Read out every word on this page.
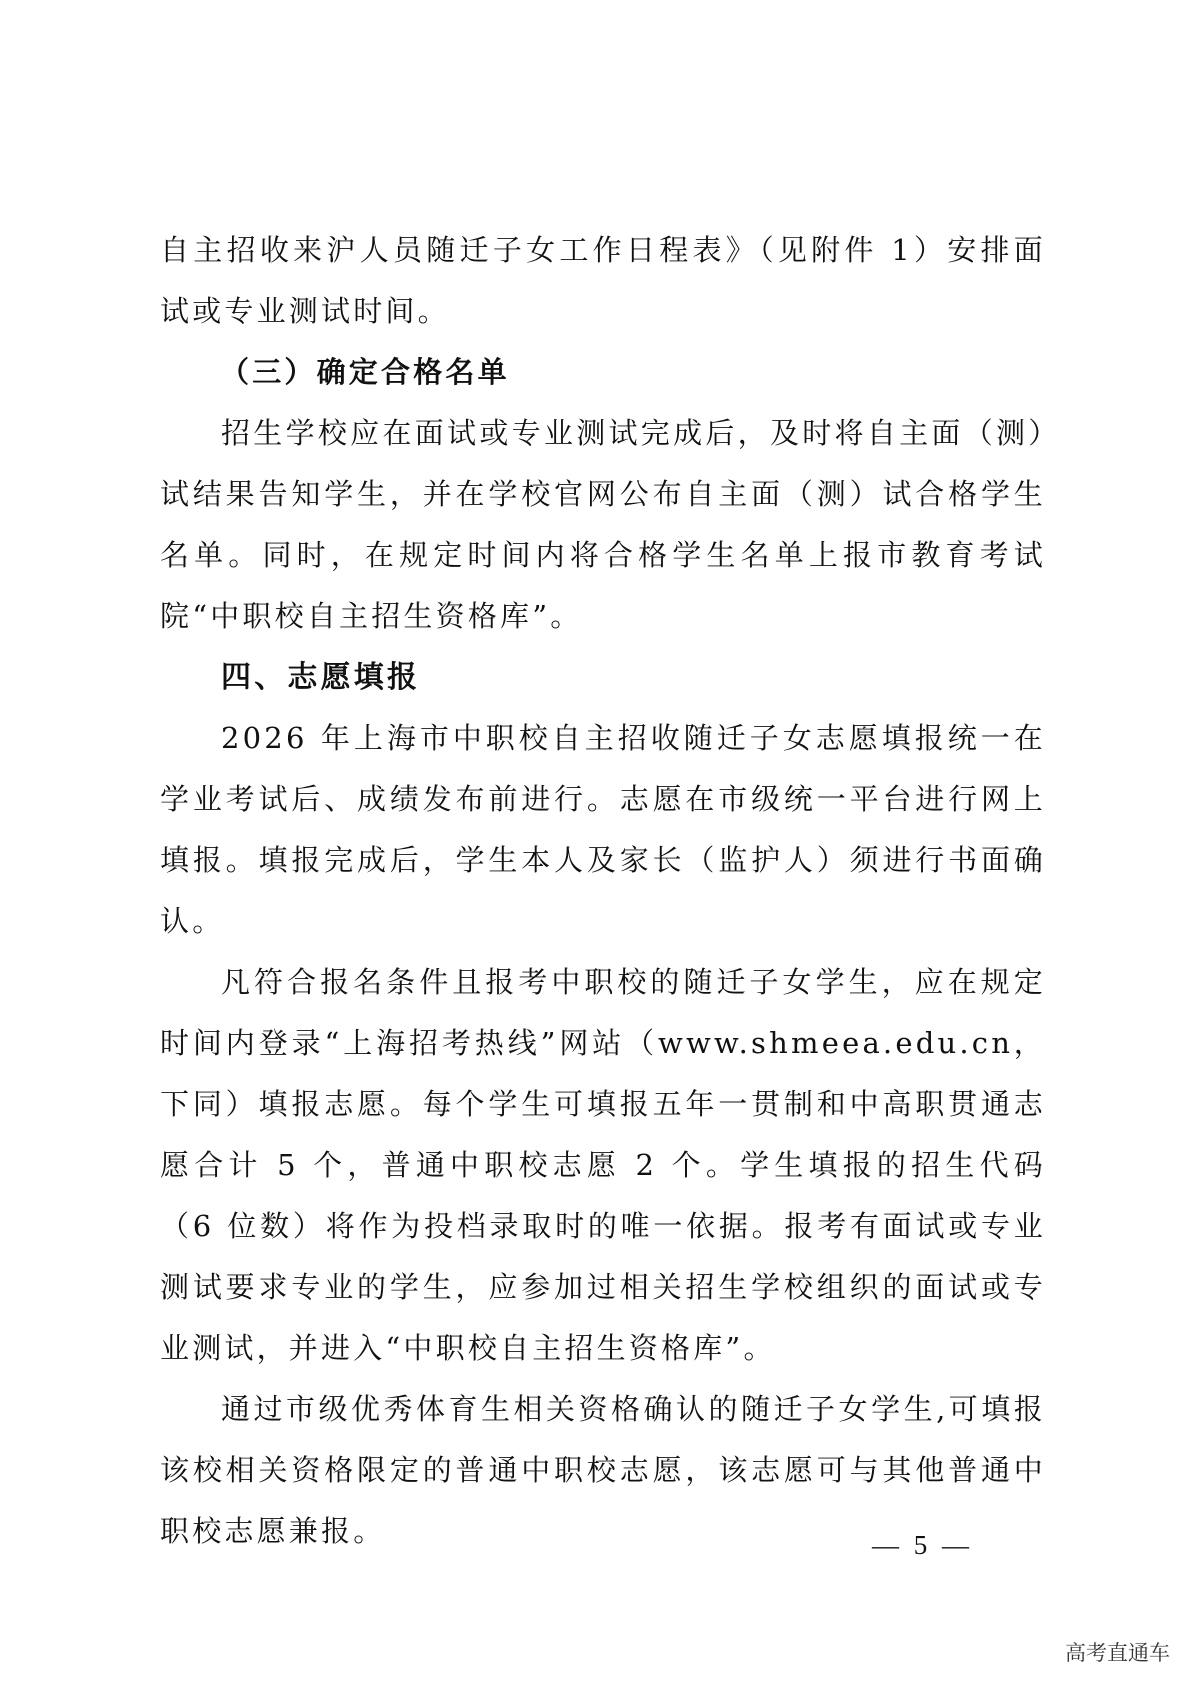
自主招收来沪人员随迁子女工作日程表》（见附件 1）安排面试或专业测试时间。

（三）确定合格名单

招生学校应在面试或专业测试完成后，及时将自主面（测）试结果告知学生，并在学校官网公布自主面（测）试合格学生名单。同时，在规定时间内将合格学生名单上报市教育考试院“中职校自主招生资格库”。

四、志愿填报

2026 年上海市中职校自主招收随迁子女志愿填报统一在学业考试后、成绩发布前进行。志愿在市级统一平台进行网上填报。填报完成后，学生本人及家长（监护人）须进行书面确认。

凡符合报名条件且报考中职校的随迁子女学生，应在规定时间内登录“上海招考热线”网站（www.shmeea.edu.cn，下同）填报志愿。每个学生可填报五年一贯制和中高职贯通志愿合计 5 个，普通中职校志愿 2 个。学生填报的招生代码（6 位数）将作为投档录取时的唯一依据。报考有面试或专业测试要求专业的学生，应参加过相关招生学校组织的面试或专业测试，并进入“中职校自主招生资格库”。

通过市级优秀体育生相关资格确认的随迁子女学生,可填报该校相关资格限定的普通中职校志愿，该志愿可与其他普通中职校志愿兼报。	— 5 —
高考直通车
